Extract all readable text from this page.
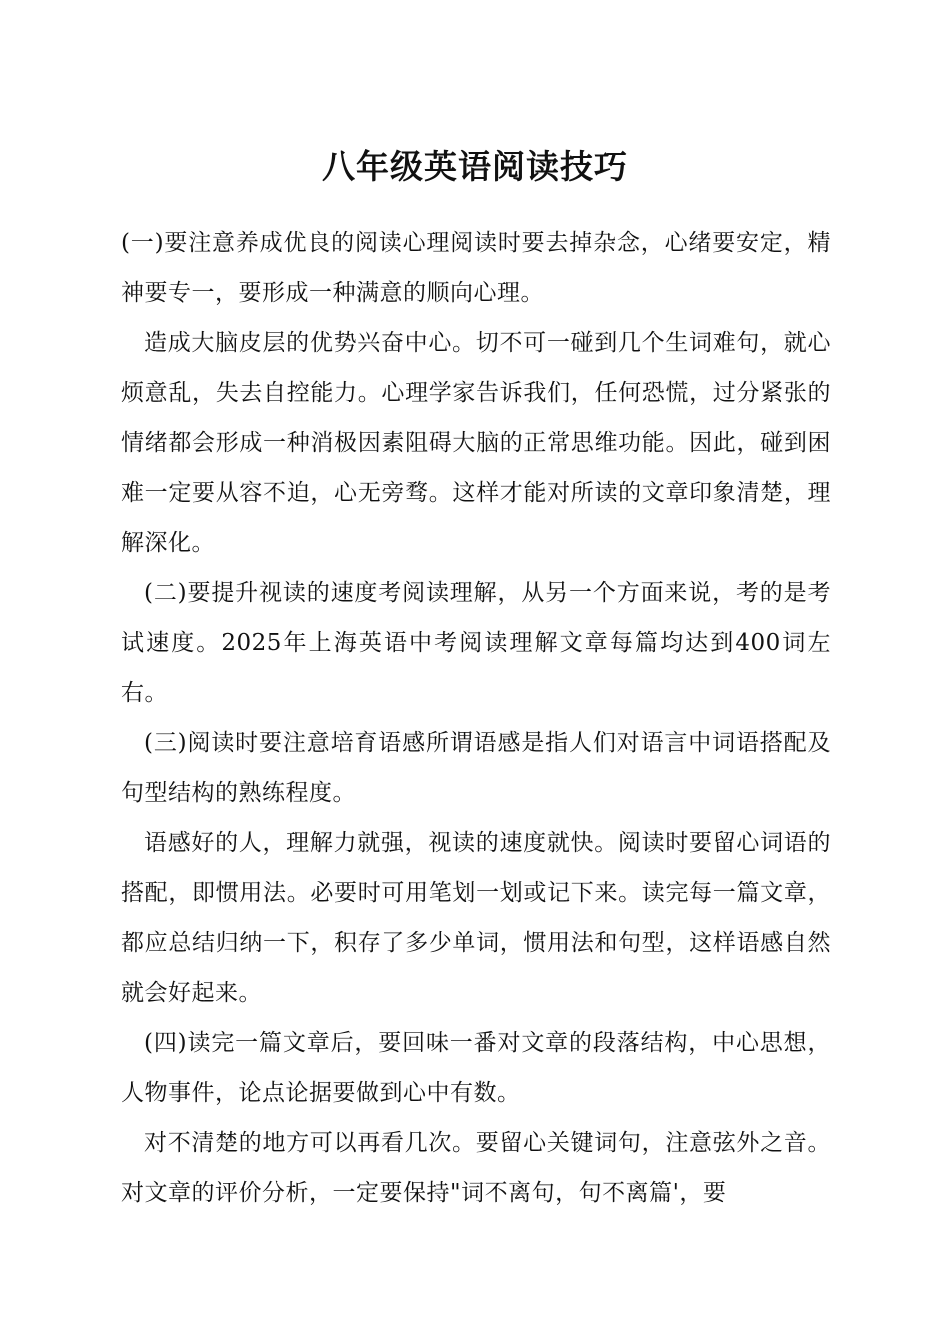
八年级英语阅读技巧

(一)要注意养成优良的阅读心理阅读时要去掉杂念，心绪要安定，精神要专一，要形成一种满意的顺向心理。

造成大脑皮层的优势兴奋中心。切不可一碰到几个生词难句，就心烦意乱，失去自控能力。心理学家告诉我们，任何恐慌，过分紧张的情绪都会形成一种消极因素阻碍大脑的正常思维功能。因此，碰到困难一定要从容不迫，心无旁骛。这样才能对所读的文章印象清楚，理解深化。

(二)要提升视读的速度考阅读理解，从另一个方面来说，考的是考试速度。2025年上海英语中考阅读理解文章每篇均达到400词左右。

(三)阅读时要注意培育语感所谓语感是指人们对语言中词语搭配及句型结构的熟练程度。

语感好的人，理解力就强，视读的速度就快。阅读时要留心词语的搭配，即惯用法。必要时可用笔划一划或记下来。读完每一篇文章，都应总结归纳一下，积存了多少单词，惯用法和句型，这样语感自然就会好起来。

(四)读完一篇文章后，要回味一番对文章的段落结构，中心思想，人物事件，论点论据要做到心中有数。

对不清楚的地方可以再看几次。要留心关键词句，注意弦外之音。对文章的评价分析，一定要保持"词不离句，句不离篇'，要
